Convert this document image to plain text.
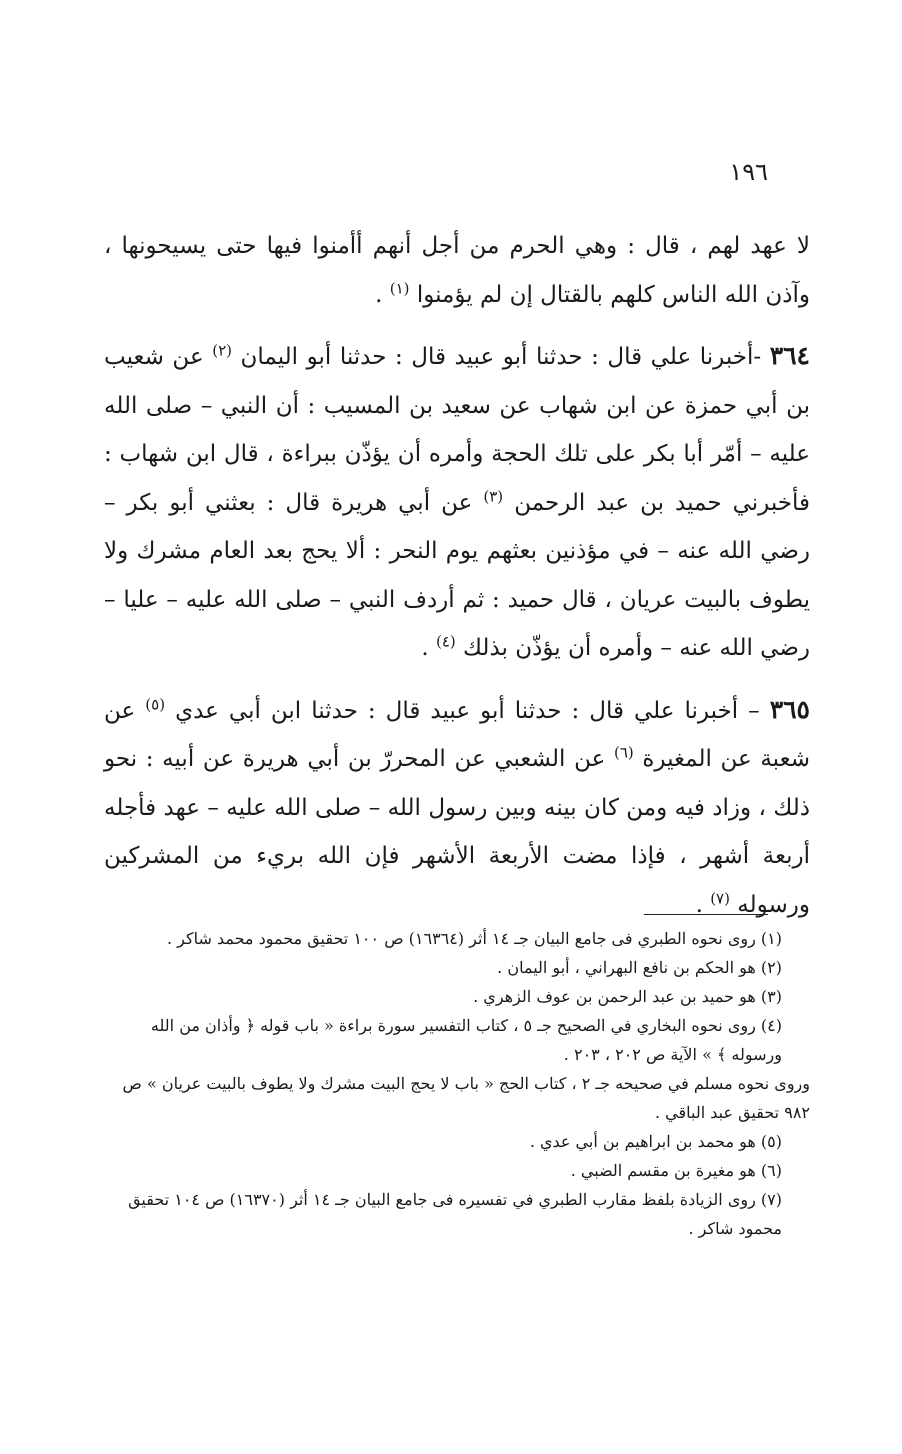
١٩٦

لا عهد لهم ، قال : وهي الحرم من أجل أنهم أأمنوا فيها حتى يسيحونها ، وآذن الله الناس كلهم بالقتال إن لم يؤمنوا $^{(١)}$ .

٣٦٤ -أخبرنا علي قال : حدثنا أبو عبيد قال : حدثنا أبو اليمان $^{(٢)}$ عن شعيب بن أبي حمزة عن ابن شهاب عن سعيد بن المسيب : أن النبي – صلى الله عليه – أمّر أبا بكر على تلك الحجة وأمره أن يؤذّن ببراءة ، قال ابن شهاب : فأخبرني حميد بن عبد الرحمن $^{(٣)}$ عن أبي هريرة قال : بعثني أبو بكر – رضي الله عنه – في مؤذنين بعثهم يوم النحر : ألا يحج بعد العام مشرك ولا يطوف بالبيت عريان ، قال حميد : ثم أردف النبي – صلى الله عليه – عليا – رضي الله عنه – وأمره أن يؤذّن بذلك $^{(٤)}$ .

٣٦٥ – أخبرنا علي قال : حدثنا أبو عبيد قال : حدثنا ابن أبي عدي $^{(٥)}$ عن شعبة عن المغيرة $^{(٦)}$ عن الشعبي عن المحررّ بن أبي هريرة عن أبيه : نحو ذلك ، وزاد فيه ومن كان بينه وبين رسول الله – صلى الله عليه – عهد فأجله أربعة أشهر ، فإذا مضت الأربعة الأشهر فإن الله بريء من المشركين ورسوله $^{(٧)}$ .

(١) روى نحوه الطبري فى جامع البيان جـ ١٤ أثر (١٦٣٦٤) ص ١٠٠ تحقيق محمود محمد شاكر .

(٢) هو الحكم بن نافع البهراني ، أبو اليمان .

(٣) هو حميد بن عبد الرحمن بن عوف الزهري .

(٤) روى نحوه البخاري في الصحيح جـ ٥ ، كتاب التفسير سورة براءة « باب قوله ﴿ وأذان من الله ورسوله ﴾ » الآية ص ٢٠٢ ، ٢٠٣ .

وروى نحوه مسلم في صحيحه جـ ٢ ، كتاب الحج « باب لا يحج البيت مشرك ولا يطوف بالبيت عريان » ص ٩٨٢ تحقيق عبد الباقي .

(٥) هو محمد بن ابراهيم بن أبي عدي .

(٦) هو مغيرة بن مقسم الضبي .

(٧) روى الزيادة بلفظ مقارب الطبري في تفسيره فى جامع البيان جـ ١٤ أثر (١٦٣٧٠) ص ١٠٤ تحقيق محمود شاكر .
